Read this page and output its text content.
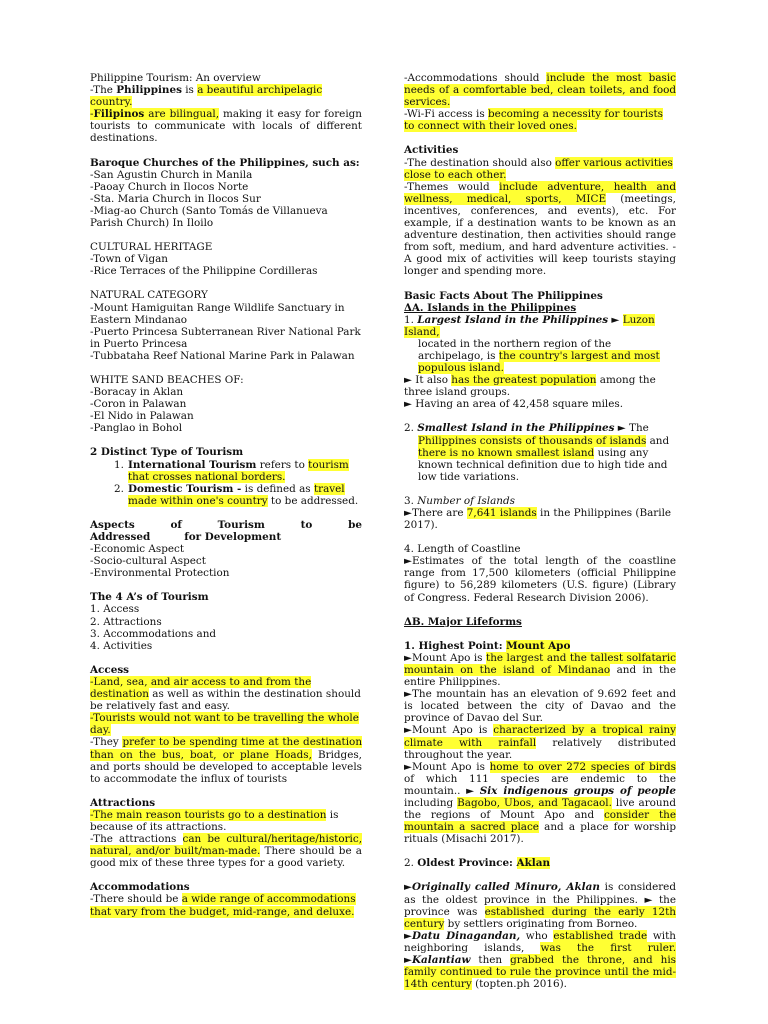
Philippine Tourism: An overview

-The Philippines is a beautiful archipelagic country.

-Filipinos are bilingual, making it easy for foreign tourists to communicate with locals of different destinations.

Baroque Churches of the Philippines, such as:

-San Agustin Church in Manila

-Paoay Church in Ilocos Norte

-Sta. Maria Church in Ilocos Sur

-Miag-ao Church (Santo Tomás de Villanueva Parish Church) In Iloilo

CULTURAL HERITAGE

-Town of Vigan

-Rice Terraces of the Philippine Cordilleras

NATURAL CATEGORY

-Mount Hamiguitan Range Wildlife Sanctuary in Eastern Mindanao

-Puerto Princesa Subterranean River National Park in Puerto Princesa

-Tubbataha Reef National Marine Park in Palawan

WHITE SAND BEACHES OF:

-Boracay in Aklan

-Coron in Palawan

-El Nido in Palawan

-Panglao in Bohol

2 Distinct Type of Tourism

1. International Tourism refers to tourism that crosses national borders.
2. Domestic Tourism - is defined as travel made within one's country to be addressed.
Aspects	of	Tourism	to	be

Addressed	for Development

-Economic Aspect

-Socio-cultural Aspect

-Environmental Protection

The 4 A’s of Tourism

1. Access

2. Attractions

3. Accommodations and

4. Activities

Access

-Land, sea, and air access to and from the destination as well as within the destination should be relatively fast and easy.

-Tourists would not want to be travelling the whole day.

-They prefer to be spending time at the destination than on the bus, boat, or plane Hoads, Bridges, and ports should be developed to acceptable levels to accommodate the influx of tourists

Attractions

-The main reason tourists go to a destination is because of its attractions.

-The attractions can be cultural/heritage/historic, natural, and/or built/man-made. There should be a good mix of these three types for a good variety.

Accommodations

-There should be a wide range of accommodations that vary from the budget, mid-range, and deluxe.

-Accommodations should include the most basic needs of a comfortable bed, clean toilets, and food services.

-Wi-Fi access is becoming a necessity for tourists to connect with their loved ones.

Activities

-The destination should also offer various activities close to each other.

-Themes would include adventure, health and wellness, medical, sports, MICE (meetings, incentives, conferences, and events), etc. For example, if a destination wants to be known as an adventure destination, then activities should range from soft, medium, and hard adventure activities. -A good mix of activities will keep tourists staying longer and spending more.

Basic Facts About The Philippines

∆A. Islands in the Philippines

1. Largest Island in the Philippines ► Luzon Island,

located in the northern region of the archipelago, is the country's largest and most populous island.

► It also has the greatest population among the three island groups.

► Having an area of 42,458 square miles.

2. Smallest Island in the Philippines ► The

Philippines consists of thousands of islands and there is no known smallest island using any known technical definition due to high tide and low tide variations.

3. Number of Islands

►There are 7,641 islands in the Philippines (Barile 2017).

4. Length of Coastline

►Estimates of the total length of the coastline range from 17,500 kilometers (official Philippine figure) to 56,289 kilometers (U.S. figure) (Library of Congress. Federal Research Division 2006).

∆B. Major Lifeforms

1. Highest Point: Mount Apo

►Mount Apo is the largest and the tallest solfataric mountain on the island of Mindanao and in the entire Philippines.

►The mountain has an elevation of 9.692 feet and is located between the city of Davao and the province of Davao del Sur.

►Mount Apo is characterized by a tropical rainy climate with rainfall relatively distributed throughout the year.

►Mount Apo is home to over 272 species of birds of which 111 species are endemic to the mountain.. ► Six indigenous groups of people including Bagobo, Ubos, and Tagacaol. live around the regions of Mount Apo and consider the mountain a sacred place and a place for worship rituals (Misachi 2017).

2. Oldest Province: Aklan

►Originally called Minuro, Aklan is considered as the oldest province in the Philippines. ► the province was established during the early 12th century by settlers originating from Borneo.

►Datu Dinagandan, who established trade with neighboring islands, was the first ruler. ►Kalantiaw then grabbed the throne, and his family continued to rule the province until the mid-14th century (topten.ph 2016).
